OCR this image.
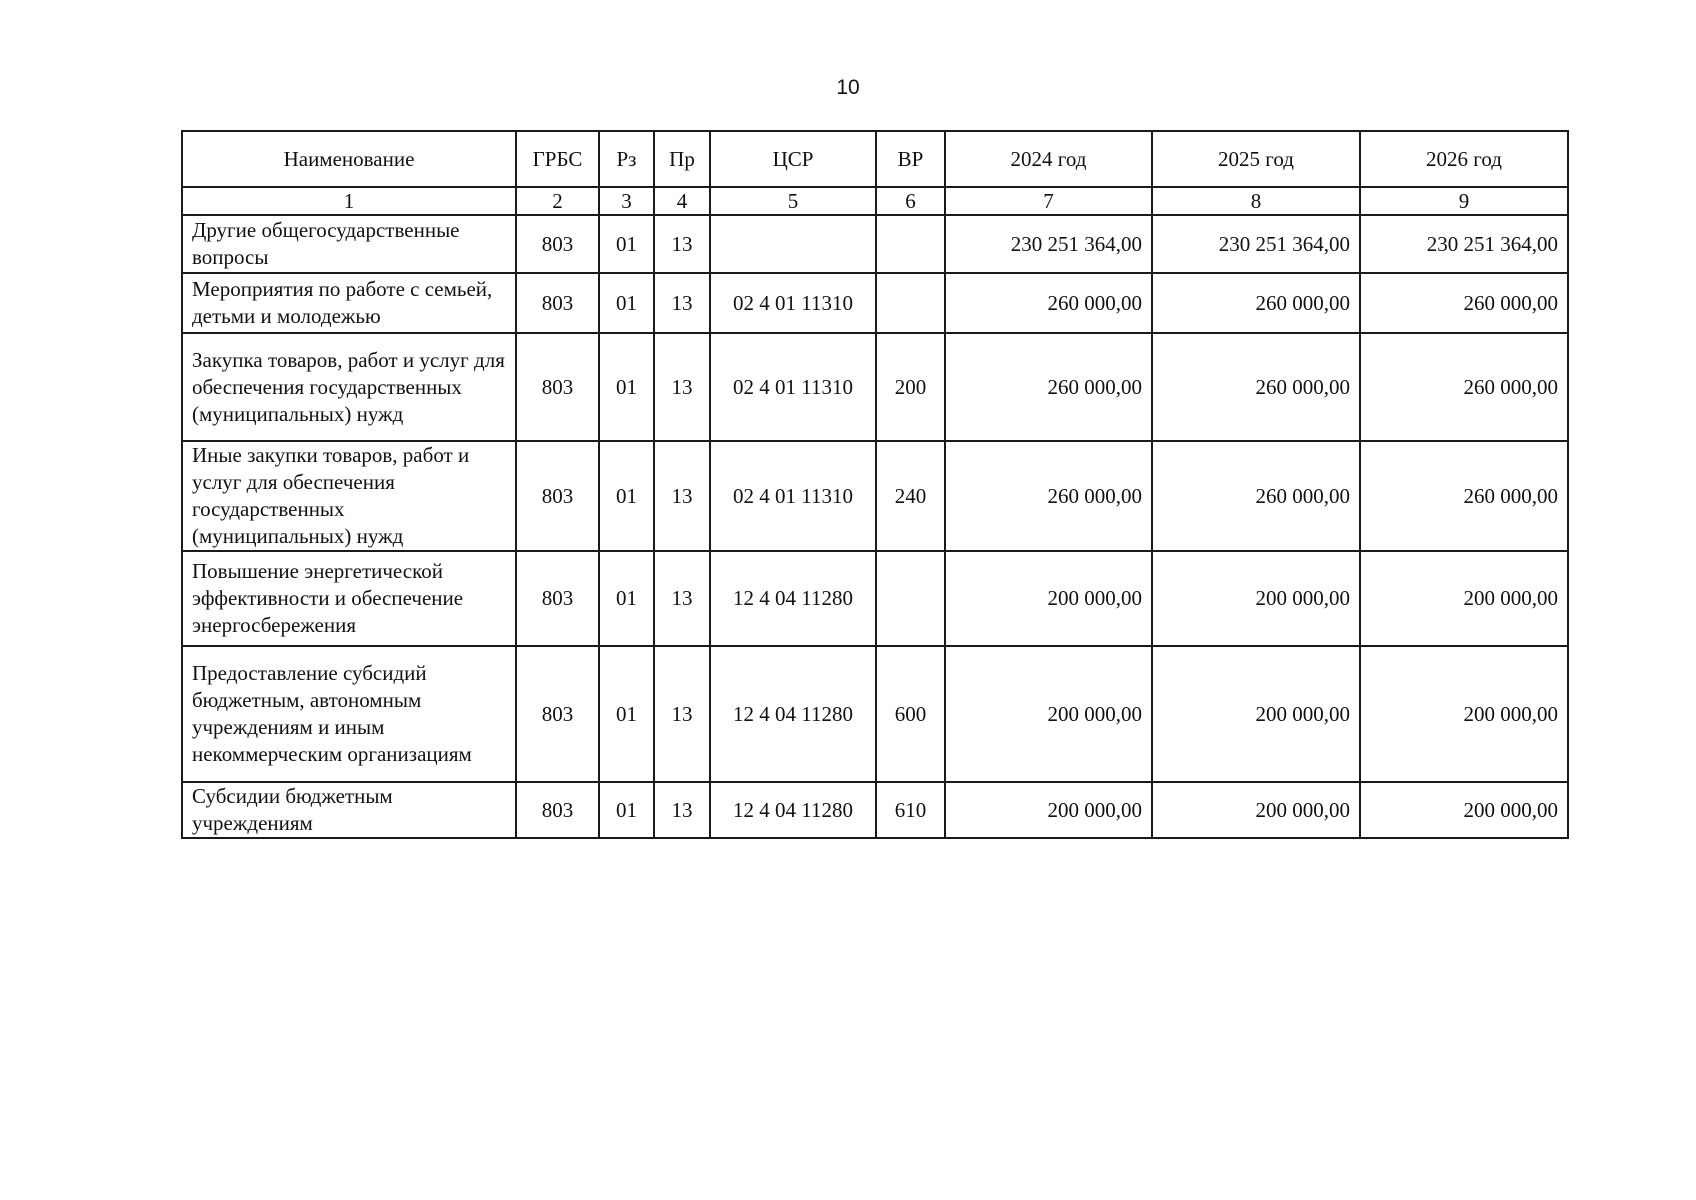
10
Наименование	ГРБС	Рз	Пр	ЦСР	ВР	2024 год	2025 год	2026 год
1	2	3	4	5	6	7	8	9
Другие общегосударственные вопросы	803	01	13			230 251 364,00	230 251 364,00	230 251 364,00
Мероприятия по работе с семьей, детьми и молодежью	803	01	13	02 4 01 11310		260 000,00	260 000,00	260 000,00
Закупка товаров, работ и услуг для обеспечения государственных (муниципальных) нужд	803	01	13	02 4 01 11310	200	260 000,00	260 000,00	260 000,00
Иные закупки товаров, работ и услуг для обеспечения государственных (муниципальных) нужд	803	01	13	02 4 01 11310	240	260 000,00	260 000,00	260 000,00
Повышение энергетической эффективности и обеспечение энергосбережения	803	01	13	12 4 04 11280		200 000,00	200 000,00	200 000,00
Предоставление субсидий бюджетным, автономным учреждениям и иным некоммерческим организациям	803	01	13	12 4 04 11280	600	200 000,00	200 000,00	200 000,00
Субсидии бюджетным учреждениям	803	01	13	12 4 04 11280	610	200 000,00	200 000,00	200 000,00
